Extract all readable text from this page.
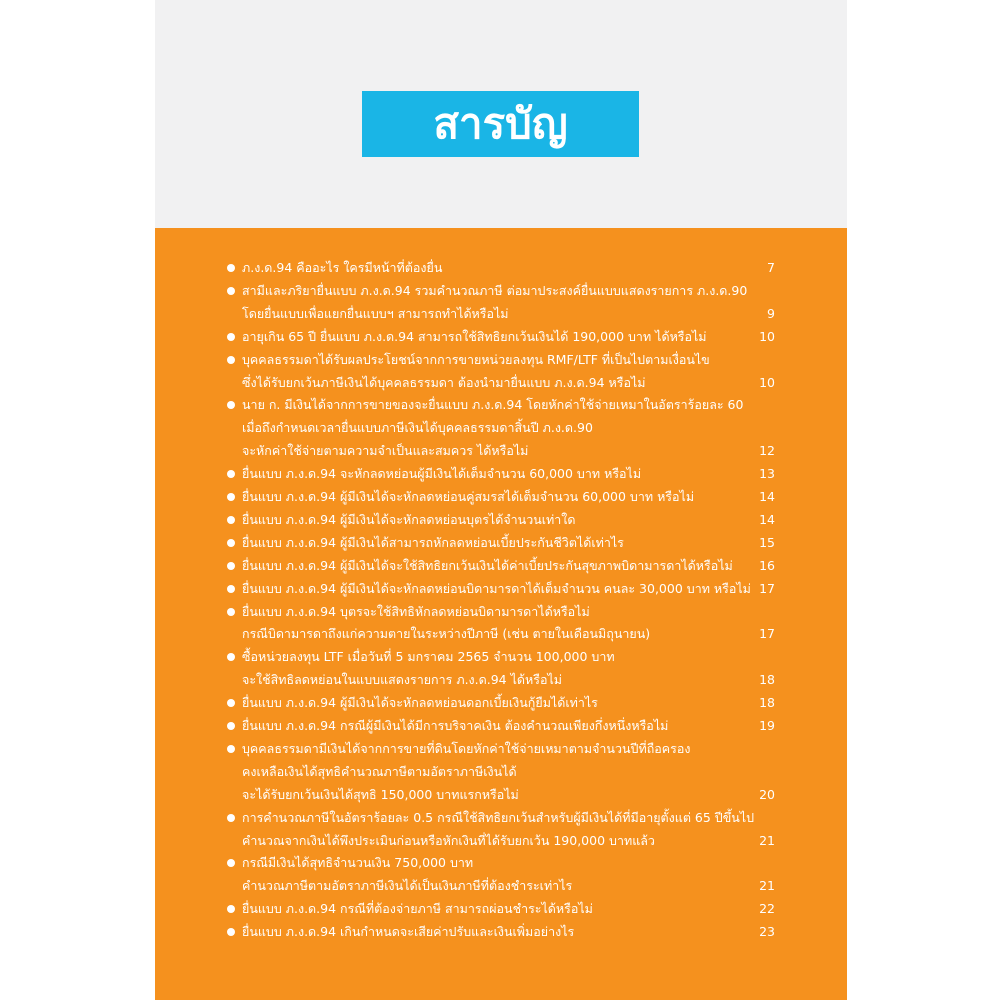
สารบัญ
ภ.ง.ด.94 คืออะไร ใครมีหน้าที่ต้องยื่น	7
สามีและภริยายื่นแบบ ภ.ง.ด.94 รวมคำนวณภาษี ต่อมาประสงค์ยื่นแบบแสดงรายการ ภ.ง.ด.90
โดยยื่นแบบเพื่อแยกยื่นแบบฯ สามารถทำได้หรือไม่	9
อายุเกิน 65 ปี ยื่นแบบ ภ.ง.ด.94 สามารถใช้สิทธิยกเว้นเงินได้ 190,000 บาท ได้หรือไม่	10
บุคคลธรรมดาได้รับผลประโยชน์จากการขายหน่วยลงทุน RMF/LTF ที่เป็นไปตามเงื่อนไข
ซึ่งได้รับยกเว้นภาษีเงินได้บุคคลธรรมดา ต้องนำมายื่นแบบ ภ.ง.ด.94 หรือไม่	10
นาย ก. มีเงินได้จากการขายของจะยื่นแบบ ภ.ง.ด.94 โดยหักค่าใช้จ่ายเหมาในอัตราร้อยละ 60
เมื่อถึงกำหนดเวลายื่นแบบภาษีเงินได้บุคคลธรรมดาสิ้นปี ภ.ง.ด.90
จะหักค่าใช้จ่ายตามความจำเป็นและสมควร ได้หรือไม่	12
ยื่นแบบ ภ.ง.ด.94 จะหักลดหย่อนผู้มีเงินได้เต็มจำนวน 60,000 บาท หรือไม่	13
ยื่นแบบ ภ.ง.ด.94 ผู้มีเงินได้จะหักลดหย่อนคู่สมรสได้เต็มจำนวน 60,000 บาท หรือไม่	14
ยื่นแบบ ภ.ง.ด.94 ผู้มีเงินได้จะหักลดหย่อนบุตรได้จำนวนเท่าใด	14
ยื่นแบบ ภ.ง.ด.94 ผู้มีเงินได้สามารถหักลดหย่อนเบี้ยประกันชีวิตได้เท่าไร	15
ยื่นแบบ ภ.ง.ด.94 ผู้มีเงินได้จะใช้สิทธิยกเว้นเงินได้ค่าเบี้ยประกันสุขภาพบิดามารดาได้หรือไม่	16
ยื่นแบบ ภ.ง.ด.94 ผู้มีเงินได้จะหักลดหย่อนบิดามารดาได้เต็มจำนวน คนละ 30,000 บาท หรือไม่ 17
ยื่นแบบ ภ.ง.ด.94 บุตรจะใช้สิทธิหักลดหย่อนบิดามารดาได้หรือไม่
กรณีบิดามารดาถึงแก่ความตายในระหว่างปีภาษี (เช่น ตายในเดือนมิถุนายน)	17
ซื้อหน่วยลงทุน LTF เมื่อวันที่ 5 มกราคม 2565 จำนวน 100,000 บาท
จะใช้สิทธิลดหย่อนในแบบแสดงรายการ ภ.ง.ด.94 ได้หรือไม่	18
ยื่นแบบ ภ.ง.ด.94 ผู้มีเงินได้จะหักลดหย่อนดอกเบี้ยเงินกู้ยืมได้เท่าไร	18
ยื่นแบบ ภ.ง.ด.94 กรณีผู้มีเงินได้มีการบริจาคเงิน ต้องคำนวณเพียงกึ่งหนึ่งหรือไม่	19
บุคคลธรรมดามีเงินได้จากการขายที่ดินโดยหักค่าใช้จ่ายเหมาตามจำนวนปีที่ถือครอง
คงเหลือเงินได้สุทธิคำนวณภาษีตามอัตราภาษีเงินได้
จะได้รับยกเว้นเงินได้สุทธิ 150,000 บาทแรกหรือไม่	20
การคำนวณภาษีในอัตราร้อยละ 0.5 กรณีใช้สิทธิยกเว้นสำหรับผู้มีเงินได้ที่มีอายุตั้งแต่ 65 ปีขึ้นไป
คำนวณจากเงินได้พึงประเมินก่อนหรือหักเงินที่ได้รับยกเว้น 190,000 บาทแล้ว	21
กรณีมีเงินได้สุทธิจำนวนเงิน 750,000 บาท
คำนวณภาษีตามอัตราภาษีเงินได้เป็นเงินภาษีที่ต้องชำระเท่าไร	21
ยื่นแบบ ภ.ง.ด.94 กรณีที่ต้องจ่ายภาษี สามารถผ่อนชำระได้หรือไม่	22
ยื่นแบบ ภ.ง.ด.94 เกินกำหนดจะเสียค่าปรับและเงินเพิ่มอย่างไร	23
